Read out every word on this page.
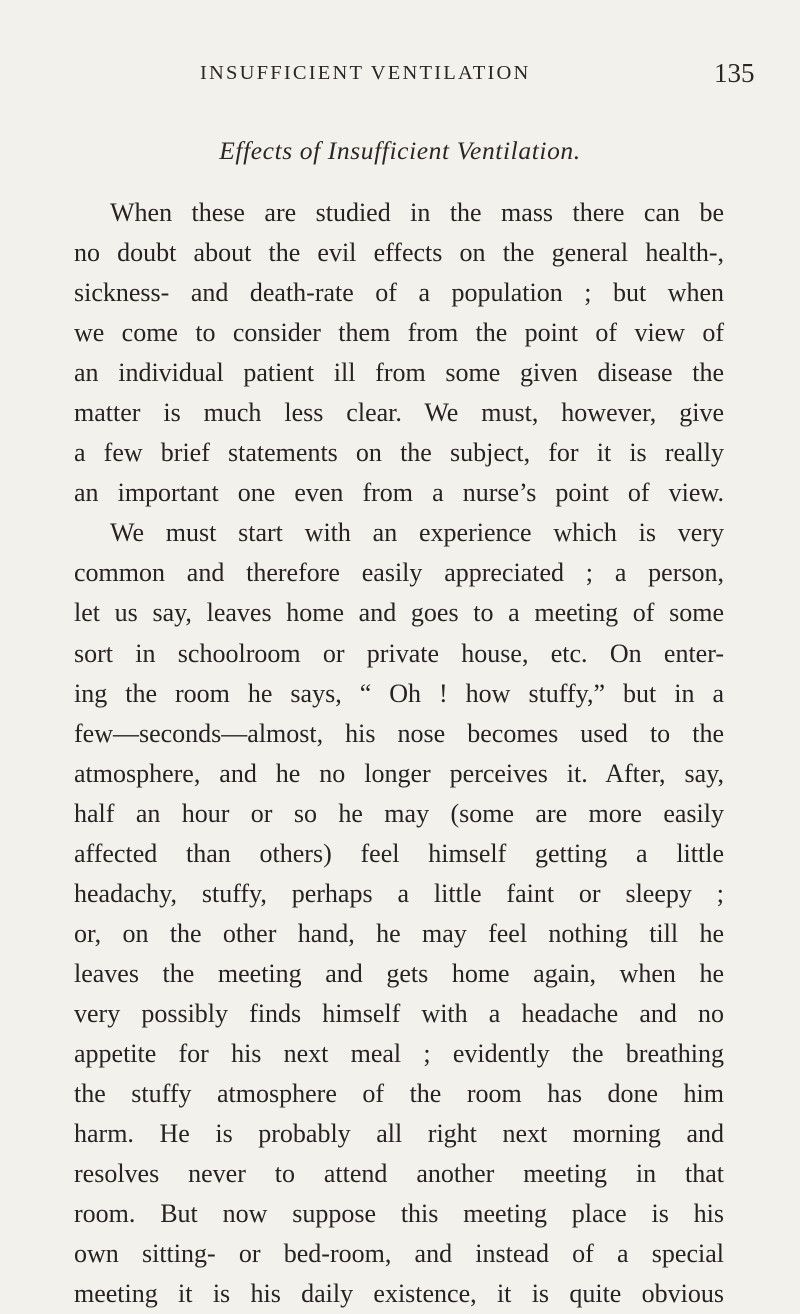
INSUFFICIENT VENTILATION	135
Effects of Insufficient Ventilation.
When these are studied in the mass there can be
no doubt about the evil effects on the general health-,
sickness- and death-rate of a population ; but when
we come to consider them from the point of view of
an individual patient ill from some given disease the
matter is much less clear. We must, however, give
a few brief statements on the subject, for it is really
an important one even from a nurse’s point of view.
We must start with an experience which is very
common and therefore easily appreciated ; a person,
let us say, leaves home and goes to a meeting of some
sort in schoolroom or private house, etc. On enter-
ing the room he says, “ Oh ! how stuffy,” but in a
few—seconds—almost, his nose becomes used to the
atmosphere, and he no longer perceives it. After, say,
half an hour or so he may (some are more easily
affected than others) feel himself getting a little
headachy, stuffy, perhaps a little faint or sleepy ;
or, on the other hand, he may feel nothing till he
leaves the meeting and gets home again, when he
very possibly finds himself with a headache and no
appetite for his next meal ; evidently the breathing
the stuffy atmosphere of the room has done him
harm. He is probably all right next morning and
resolves never to attend another meeting in that
room. But now suppose this meeting place is his
own sitting- or bed-room, and instead of a special
meeting it is his daily existence, it is quite obvious
